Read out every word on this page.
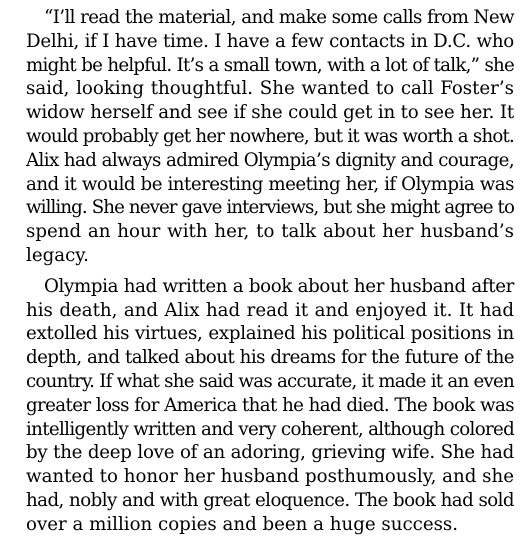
“I’ll read the material, and make some calls from New
Delhi, if I have time. I have a few contacts in D.C. who
might be helpful. It’s a small town, with a lot of talk,” she
said, looking thoughtful. She wanted to call Foster’s
widow herself and see if she could get in to see her. It
would probably get her nowhere, but it was worth a shot.
Alix had always admired Olympia’s dignity and courage,
and it would be interesting meeting her, if Olympia was
willing. She never gave interviews, but she might agree to
spend an hour with her, to talk about her husband’s
legacy.
Olympia had written a book about her husband after
his death, and Alix had read it and enjoyed it. It had
extolled his virtues, explained his political positions in
depth, and talked about his dreams for the future of the
country. If what she said was accurate, it made it an even
greater loss for America that he had died. The book was
intelligently written and very coherent, although colored
by the deep love of an adoring, grieving wife. She had
wanted to honor her husband posthumously, and she
had, nobly and with great eloquence. The book had sold
over a million copies and been a huge success.
